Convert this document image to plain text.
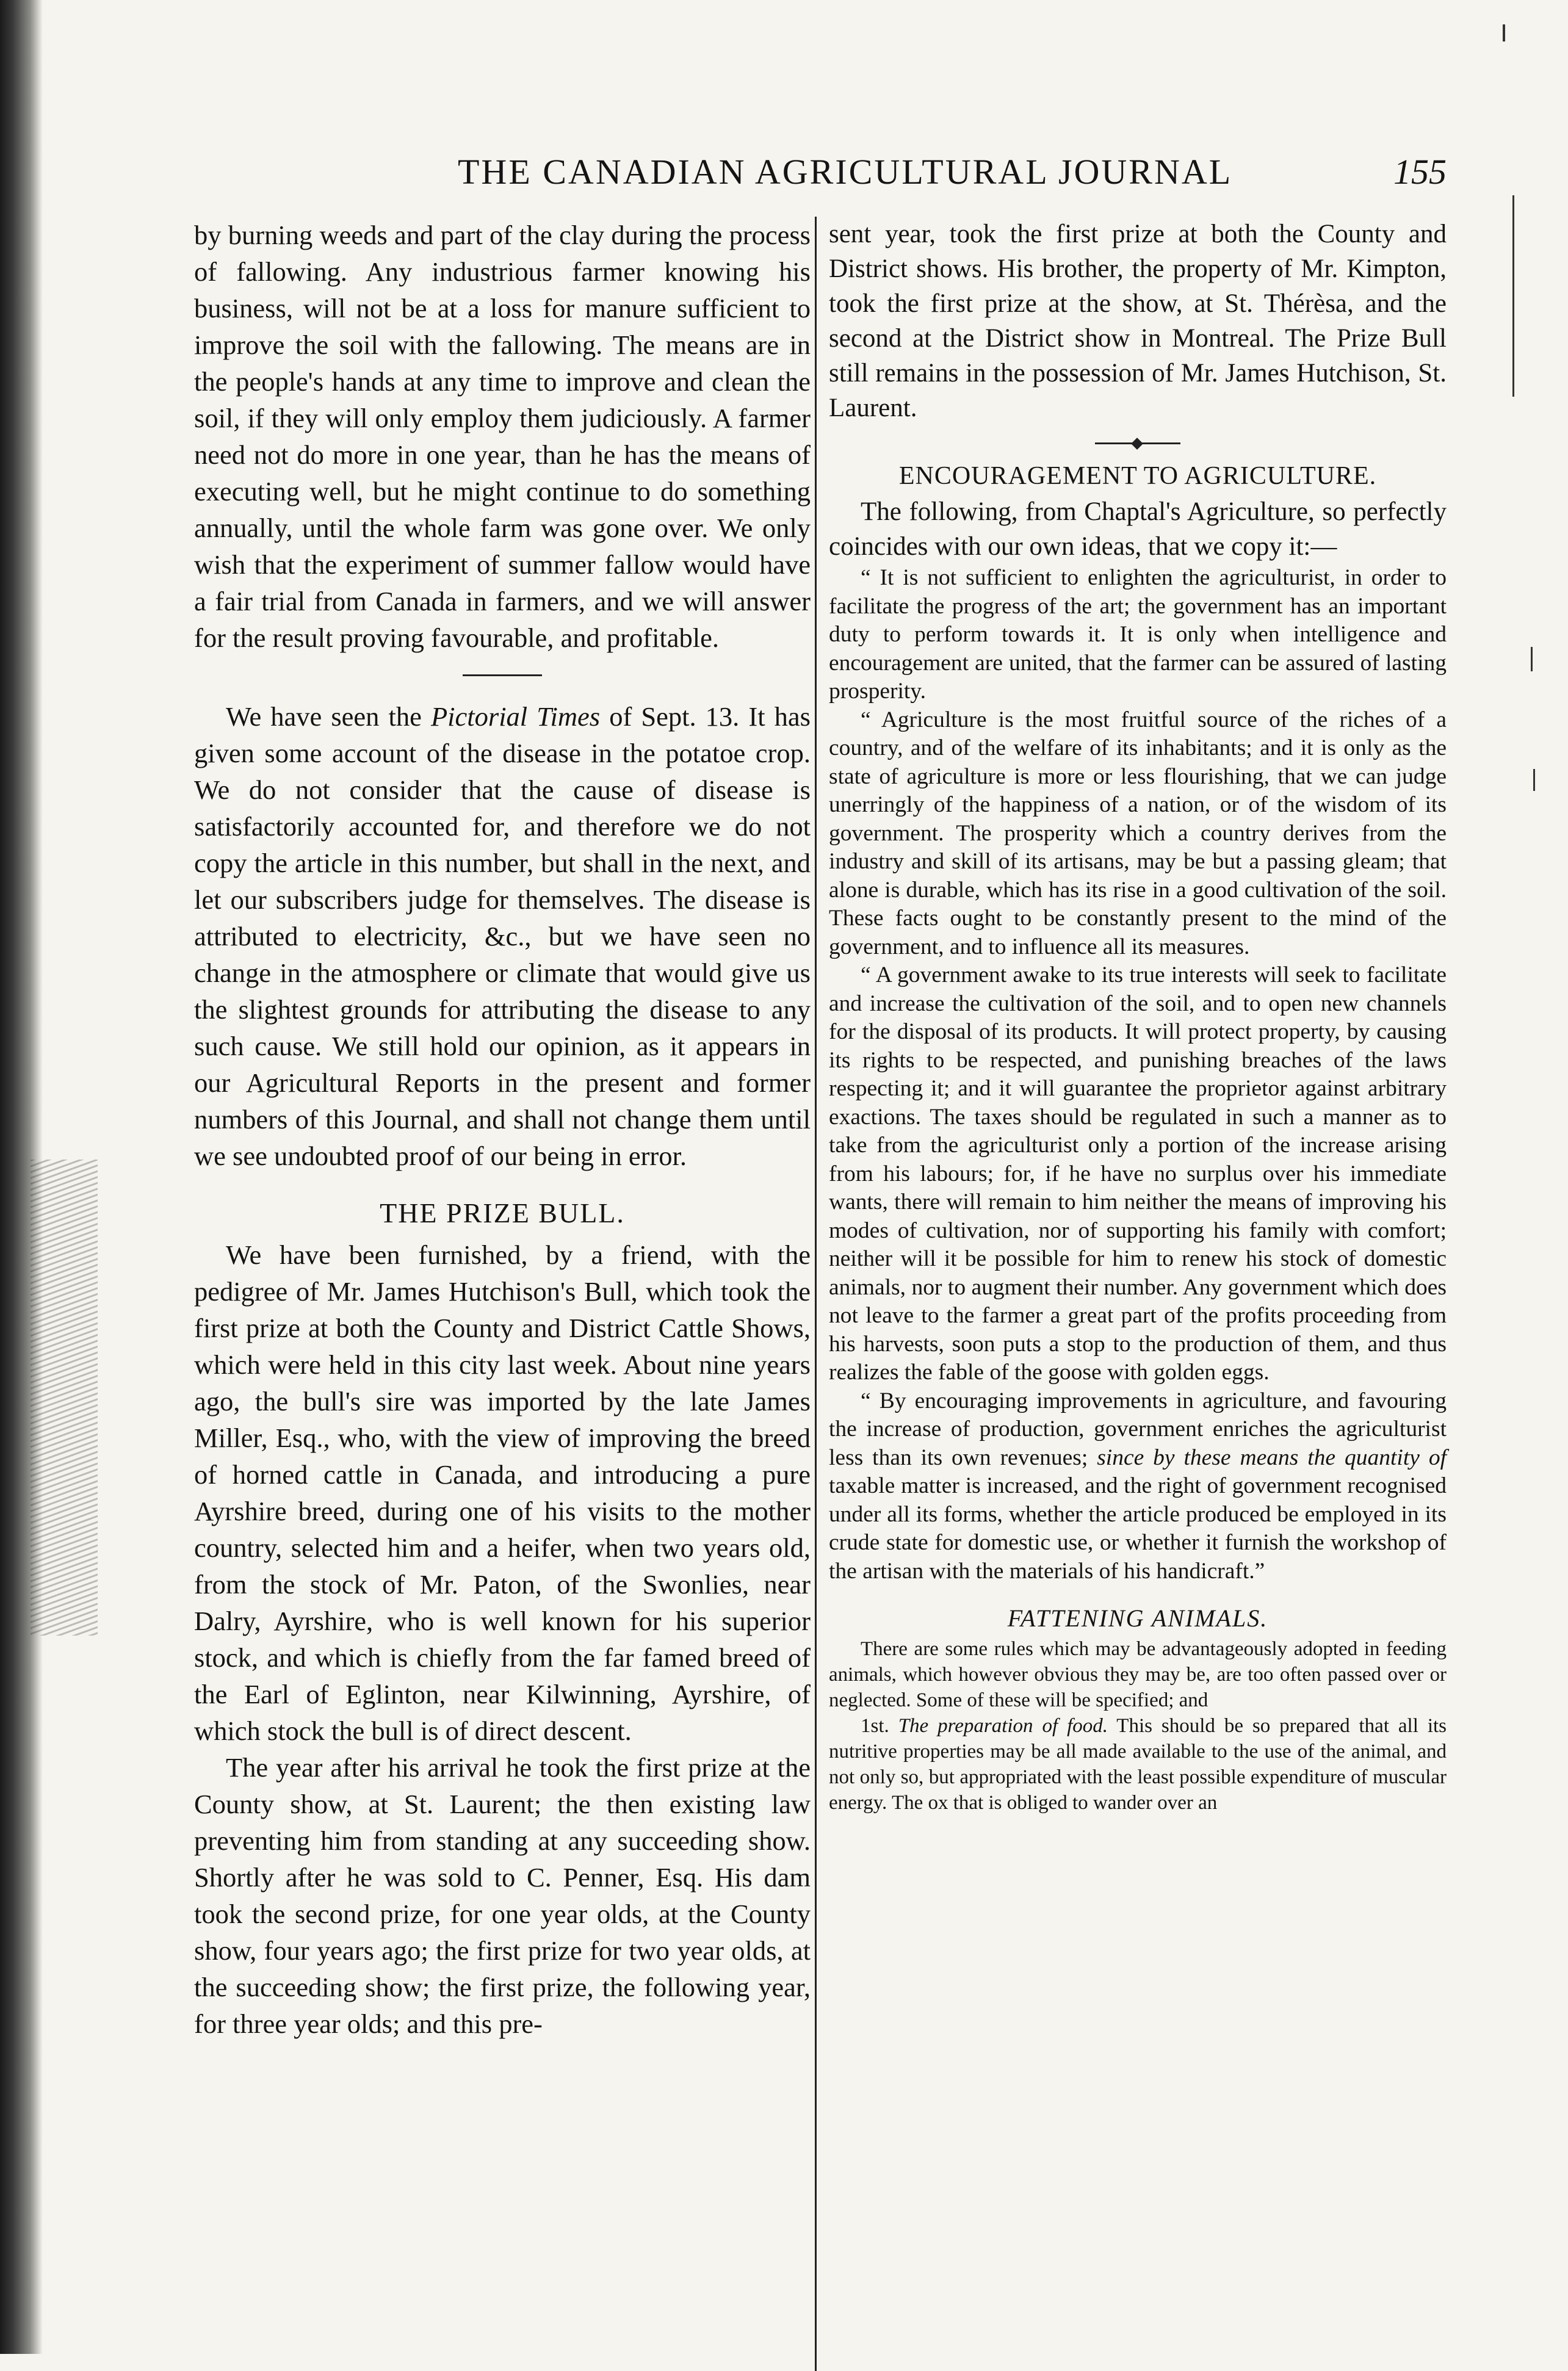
THE CANADIAN AGRICULTURAL JOURNAL	155

by burning weeds and part of the clay during the process of fallowing. Any industrious farmer knowing his business, will not be at a loss for manure sufficient to improve the soil with the fallowing. The means are in the people's hands at any time to improve and clean the soil, if they will only employ them judiciously. A farmer need not do more in one year, than he has the means of executing well, but he might continue to do something annually, until the whole farm was gone over. We only wish that the experiment of summer fallow would have a fair trial from Canada in farmers, and we will answer for the result proving favourable, and profitable.

We have seen the Pictorial Times of Sept. 13. It has given some account of the disease in the potatoe crop. We do not consider that the cause of disease is satisfactorily accounted for, and therefore we do not copy the article in this number, but shall in the next, and let our subscribers judge for themselves. The disease is attributed to electricity, &c., but we have seen no change in the atmosphere or climate that would give us the slightest grounds for attributing the disease to any such cause. We still hold our opinion, as it appears in our Agricultural Reports in the present and former numbers of this Journal, and shall not change them until we see undoubted proof of our being in error.

THE PRIZE BULL.

We have been furnished, by a friend, with the pedigree of Mr. James Hutchison's Bull, which took the first prize at both the County and District Cattle Shows, which were held in this city last week. About nine years ago, the bull's sire was imported by the late James Miller, Esq., who, with the view of improving the breed of horned cattle in Canada, and introducing a pure Ayrshire breed, during one of his visits to the mother country, selected him and a heifer, when two years old, from the stock of Mr. Paton, of the Swonlies, near Dalry, Ayrshire, who is well known for his superior stock, and which is chiefly from the far famed breed of the Earl of Eglinton, near Kilwinning, Ayrshire, of which stock the bull is of direct descent.

The year after his arrival he took the first prize at the County show, at St. Laurent; the then existing law preventing him from standing at any succeeding show. Shortly after he was sold to C. Penner, Esq. His dam took the second prize, for one year olds, at the County show, four years ago; the first prize for two year olds, at the succeeding show; the first prize, the following year, for three year olds; and this pre-

sent year, took the first prize at both the County and District shows. His brother, the property of Mr. Kimpton, took the first prize at the show, at St. Thérèsa, and the second at the District show in Montreal. The Prize Bull still remains in the possession of Mr. James Hutchison, St. Laurent.

ENCOURAGEMENT TO AGRICULTURE.

The following, from Chaptal's Agriculture, so perfectly coincides with our own ideas, that we copy it:—

“ It is not sufficient to enlighten the agriculturist, in order to facilitate the progress of the art; the government has an important duty to perform towards it. It is only when intelligence and encouragement are united, that the farmer can be assured of lasting prosperity.

“ Agriculture is the most fruitful source of the riches of a country, and of the welfare of its inhabitants; and it is only as the state of agriculture is more or less flourishing, that we can judge unerringly of the happiness of a nation, or of the wisdom of its government. The prosperity which a country derives from the industry and skill of its artisans, may be but a passing gleam; that alone is durable, which has its rise in a good cultivation of the soil. These facts ought to be constantly present to the mind of the government, and to influence all its measures.

“ A government awake to its true interests will seek to facilitate and increase the cultivation of the soil, and to open new channels for the disposal of its products. It will protect property, by causing its rights to be respected, and punishing breaches of the laws respecting it; and it will guarantee the proprietor against arbitrary exactions. The taxes should be regulated in such a manner as to take from the agriculturist only a portion of the increase arising from his labours; for, if he have no surplus over his immediate wants, there will remain to him neither the means of improving his modes of cultivation, nor of supporting his family with comfort; neither will it be possible for him to renew his stock of domestic animals, nor to augment their number. Any government which does not leave to the farmer a great part of the profits proceeding from his harvests, soon puts a stop to the production of them, and thus realizes the fable of the goose with golden eggs.

“ By encouraging improvements in agriculture, and favouring the increase of production, government enriches the agriculturist less than its own revenues; since by these means the quantity of taxable matter is increased, and the right of government recognised under all its forms, whether the article produced be employed in its crude state for domestic use, or whether it furnish the workshop of the artisan with the materials of his handicraft.”

FATTENING ANIMALS.

There are some rules which may be advantageously adopted in feeding animals, which however obvious they may be, are too often passed over or neglected. Some of these will be specified; and

1st. The preparation of food. This should be so prepared that all its nutritive properties may be all made available to the use of the animal, and not only so, but appropriated with the least possible expenditure of muscular energy. The ox that is obliged to wander over an
